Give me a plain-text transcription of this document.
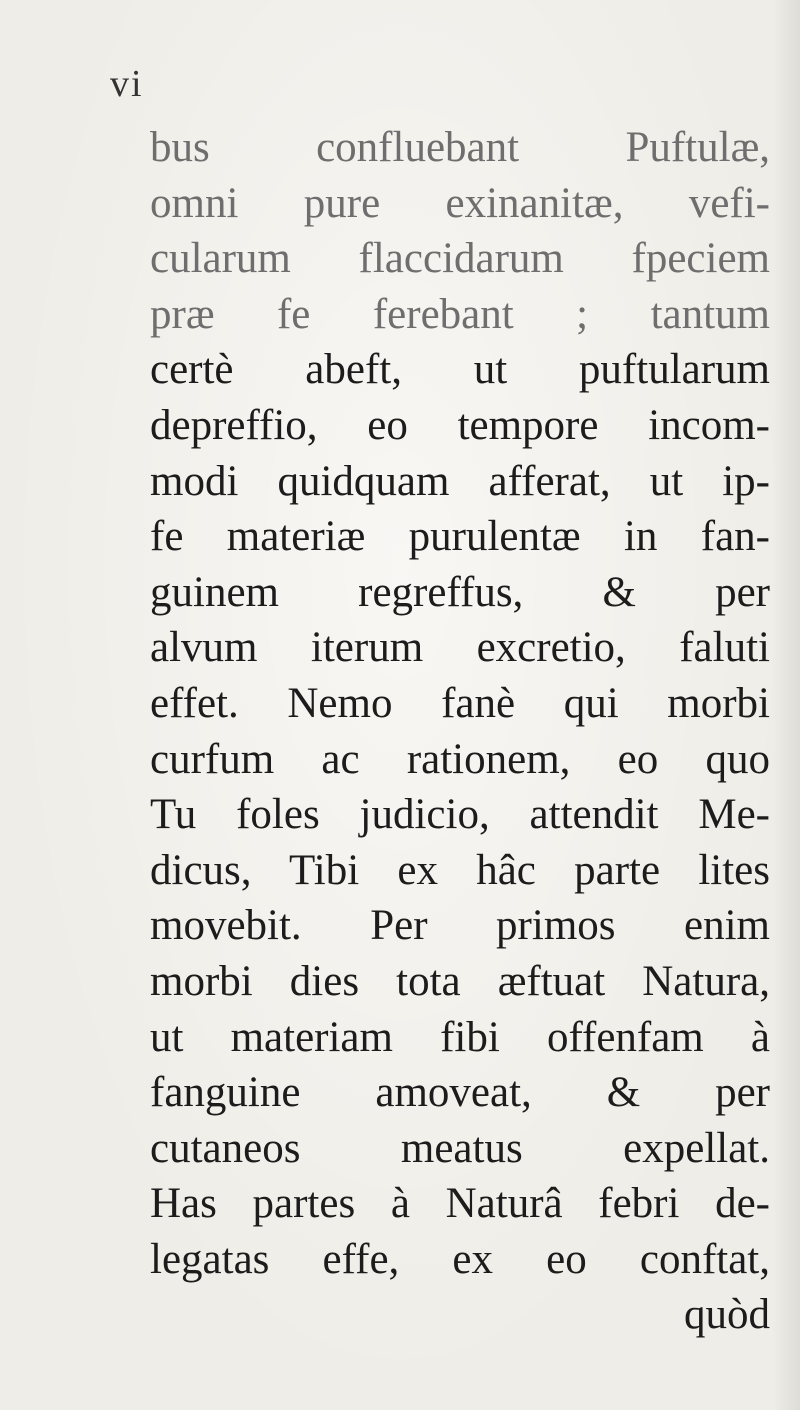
vi
bus confluebant Puftulæ,
omni pure exinanitæ, vefi-
cularum flaccidarum fpeciem
præ fe ferebant ; tantum
certè abeft, ut puftularum
depreffio, eo tempore incom-
modi quidquam afferat, ut ip-
fe materiæ purulentæ in fan-
guinem regreffus, & per
alvum iterum excretio, faluti
effet. Nemo fanè qui morbi
curfum ac rationem, eo quo
Tu foles judicio, attendit Me-
dicus, Tibi ex hâc parte lites
movebit. Per primos enim
morbi dies tota æftuat Natura,
ut materiam fibi offenfam à
fanguine amoveat, & per
cutaneos meatus expellat.
Has partes à Naturâ febri de-
legatas effe, ex eo conftat,
quòd
